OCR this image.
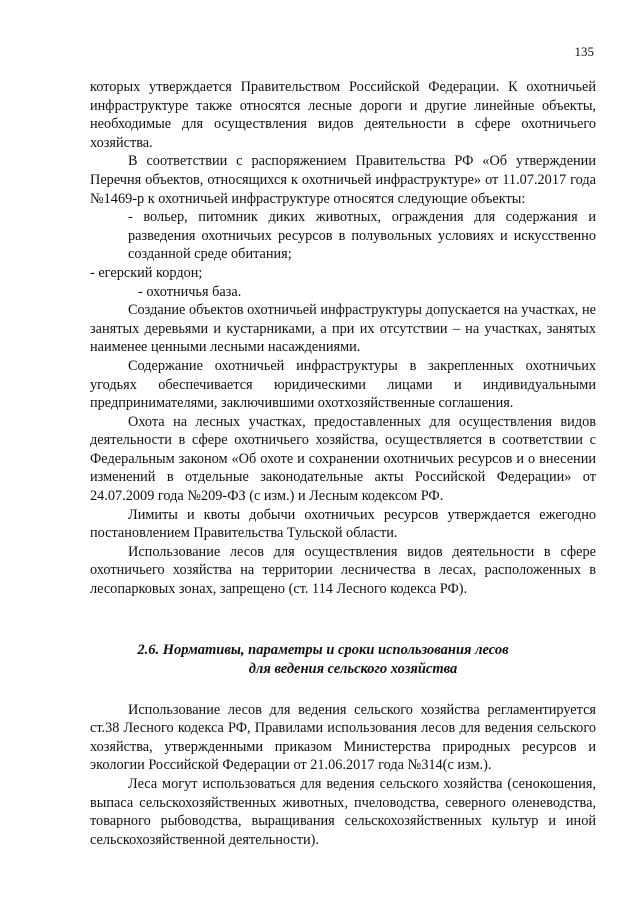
135

которых утверждается Правительством Российской Федерации. К охотничьей инфраструктуре также относятся лесные дороги и другие линейные объекты, необходимые для осуществления видов деятельности в сфере охотничьего хозяйства.

В соответствии с распоряжением Правительства РФ «Об утверждении Перечня объектов, относящихся к охотничьей инфраструктуре» от 11.07.2017 года №1469-р к охотничьей инфраструктуре относятся следующие объекты:

- вольер, питомник диких животных, ограждения для содержания и разведения охотничьих ресурсов в полувольных условиях и искусственно созданной среде обитания;
- егерский кордон;
- охотничья база.

Создание объектов охотничьей инфраструктуры допускается на участках, не занятых деревьями и кустарниками, а при их отсутствии – на участках, занятых наименее ценными лесными насаждениями.

Содержание охотничьей инфраструктуры в закрепленных охотничьих угодьях обеспечивается юридическими лицами и индивидуальными предпринимателями, заключившими охотхозяйственные соглашения.

Охота на лесных участках, предоставленных для осуществления видов деятельности в сфере охотничьего хозяйства, осуществляется в соответствии с Федеральным законом «Об охоте и сохранении охотничьих ресурсов и о внесении изменений в отдельные законодательные акты Российской Федерации» от 24.07.2009 года №209-ФЗ (с изм.) и Лесным кодексом РФ.

Лимиты и квоты добычи охотничьих ресурсов утверждается ежегодно постановлением Правительства Тульской области.

Использование лесов для осуществления видов деятельности в сфере охотничьего хозяйства на территории лесничества в лесах, расположенных в лесопарковых зонах, запрещено (ст. 114 Лесного кодекса РФ).

2.6. Нормативы, параметры и сроки использования лесов
для ведения сельского хозяйства

Использование лесов для ведения сельского хозяйства регламентируется ст.38 Лесного кодекса РФ, Правилами использования лесов для ведения сельского хозяйства, утвержденными приказом Министерства природных ресурсов и экологии Российской Федерации от 21.06.2017 года №314(с изм.).

Леса могут использоваться для ведения сельского хозяйства (сенокошения, выпаса сельскохозяйственных животных, пчеловодства, северного оленеводства, товарного рыбоводства, выращивания сельскохозяйственных культур и иной сельскохозяйственной деятельности).
